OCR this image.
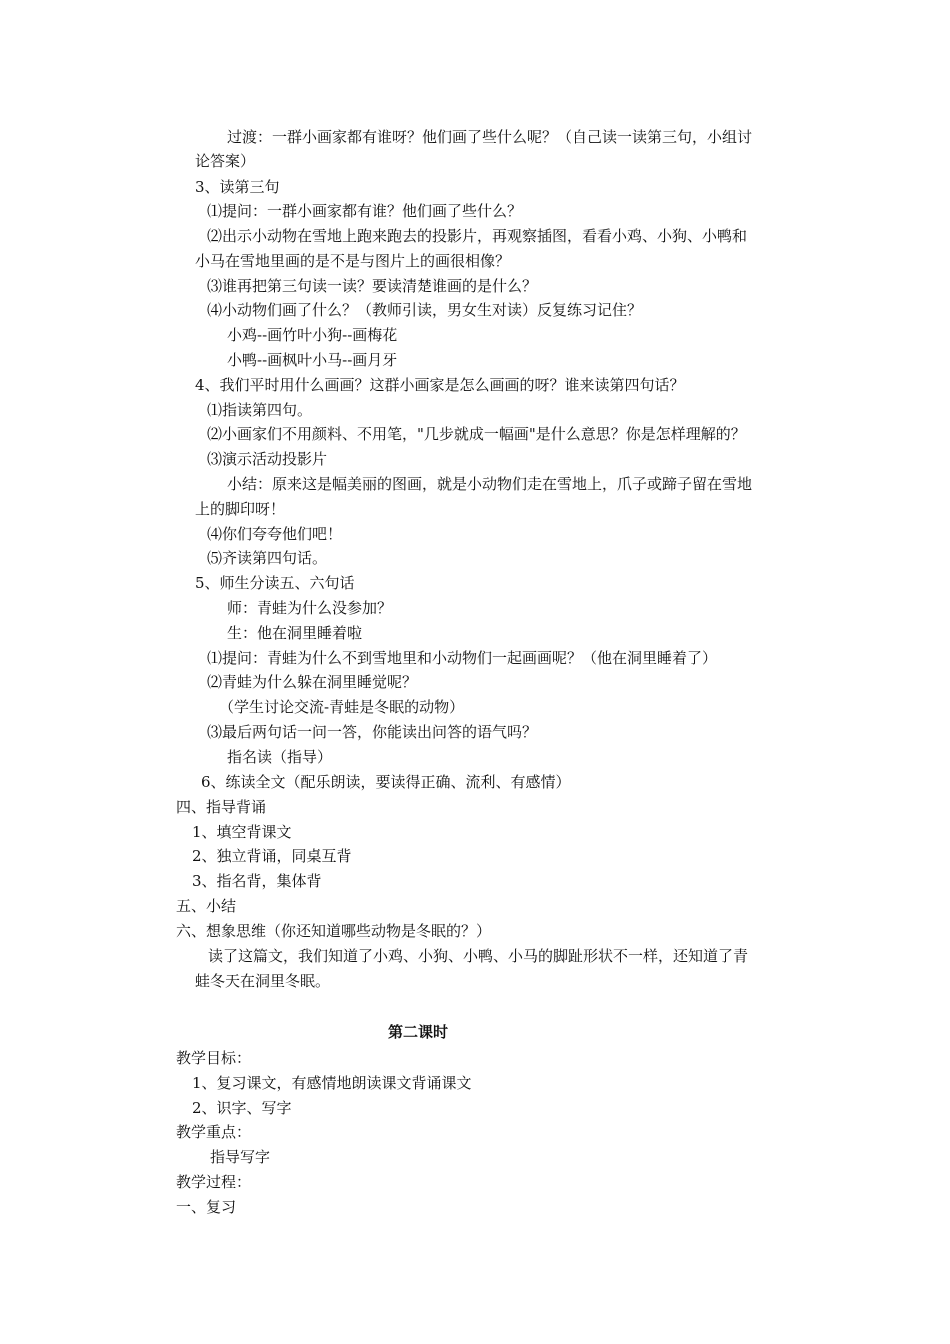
过渡：一群小画家都有谁呀？他们画了些什么呢？（自己读一读第三句，小组讨
论答案）
3、读第三句
⑴提问：一群小画家都有谁？他们画了些什么？
⑵出示小动物在雪地上跑来跑去的投影片，再观察插图，看看小鸡、小狗、小鸭和
小马在雪地里画的是不是与图片上的画很相像？
⑶谁再把第三句读一读？要读清楚谁画的是什么？
⑷小动物们画了什么？（教师引读，男女生对读）反复练习记住？
小鸡--画竹叶小狗--画梅花
小鸭--画枫叶小马--画月牙
4、我们平时用什么画画？这群小画家是怎么画画的呀？谁来读第四句话？
⑴指读第四句。
⑵小画家们不用颜料、不用笔，"几步就成一幅画"是什么意思？你是怎样理解的？
⑶演示活动投影片
小结：原来这是幅美丽的图画，就是小动物们走在雪地上，爪子或蹄子留在雪地
上的脚印呀！
⑷你们夸夸他们吧！
⑸齐读第四句话。
5、师生分读五、六句话
师：青蛙为什么没参加？
生：他在洞里睡着啦
⑴提问：青蛙为什么不到雪地里和小动物们一起画画呢？（他在洞里睡着了）
⑵青蛙为什么躲在洞里睡觉呢？
（学生讨论交流-青蛙是冬眠的动物）
⑶最后两句话一问一答，你能读出问答的语气吗？
指名读（指导）
6、练读全文（配乐朗读，要读得正确、流利、有感情）
四、指导背诵
1、填空背课文
2、独立背诵，同桌互背
3、指名背，集体背
五、小结
六、想象思维（你还知道哪些动物是冬眠的？）
读了这篇文，我们知道了小鸡、小狗、小鸭、小马的脚趾形状不一样，还知道了青
蛙冬天在洞里冬眠。
第二课时
教学目标：
1、复习课文，有感情地朗读课文背诵课文
2、识字、写字
教学重点：
指导写字
教学过程：
一、复习
